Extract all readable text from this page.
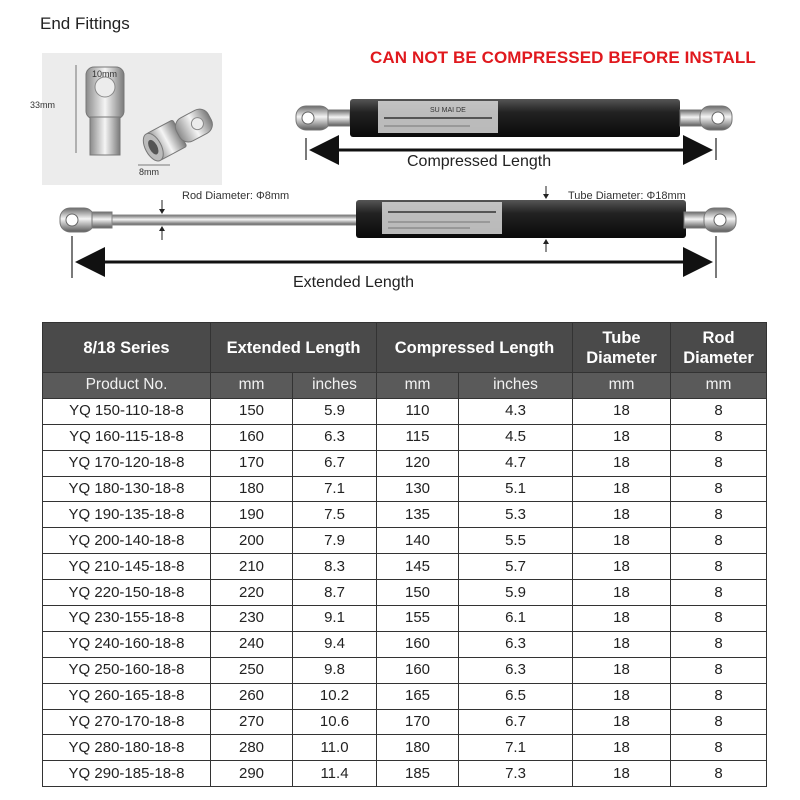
End Fittings
33mm
10mm
8mm
CAN NOT BE COMPRESSED BEFORE INSTALL
SU MAI DE
Compressed Length
Rod Diameter: Φ8mm	Tube Diameter: Φ18mm
Extended Length
8/18 Series	Extended Length		Compressed Length		Tube Diameter	Rod Diameter
Product No.	mm	inches	mm	inches	mm	mm
YQ 150-110-18-8	150	5.9	110	4.3	18	8
YQ 160-115-18-8	160	6.3	115	4.5	18	8
YQ 170-120-18-8	170	6.7	120	4.7	18	8
YQ 180-130-18-8	180	7.1	130	5.1	18	8
YQ 190-135-18-8	190	7.5	135	5.3	18	8
YQ 200-140-18-8	200	7.9	140	5.5	18	8
YQ 210-145-18-8	210	8.3	145	5.7	18	8
YQ 220-150-18-8	220	8.7	150	5.9	18	8
YQ 230-155-18-8	230	9.1	155	6.1	18	8
YQ 240-160-18-8	240	9.4	160	6.3	18	8
YQ 250-160-18-8	250	9.8	160	6.3	18	8
YQ 260-165-18-8	260	10.2	165	6.5	18	8
YQ 270-170-18-8	270	10.6	170	6.7	18	8
YQ 280-180-18-8	280	11.0	180	7.1	18	8
YQ 290-185-18-8	290	11.4	185	7.3	18	8
